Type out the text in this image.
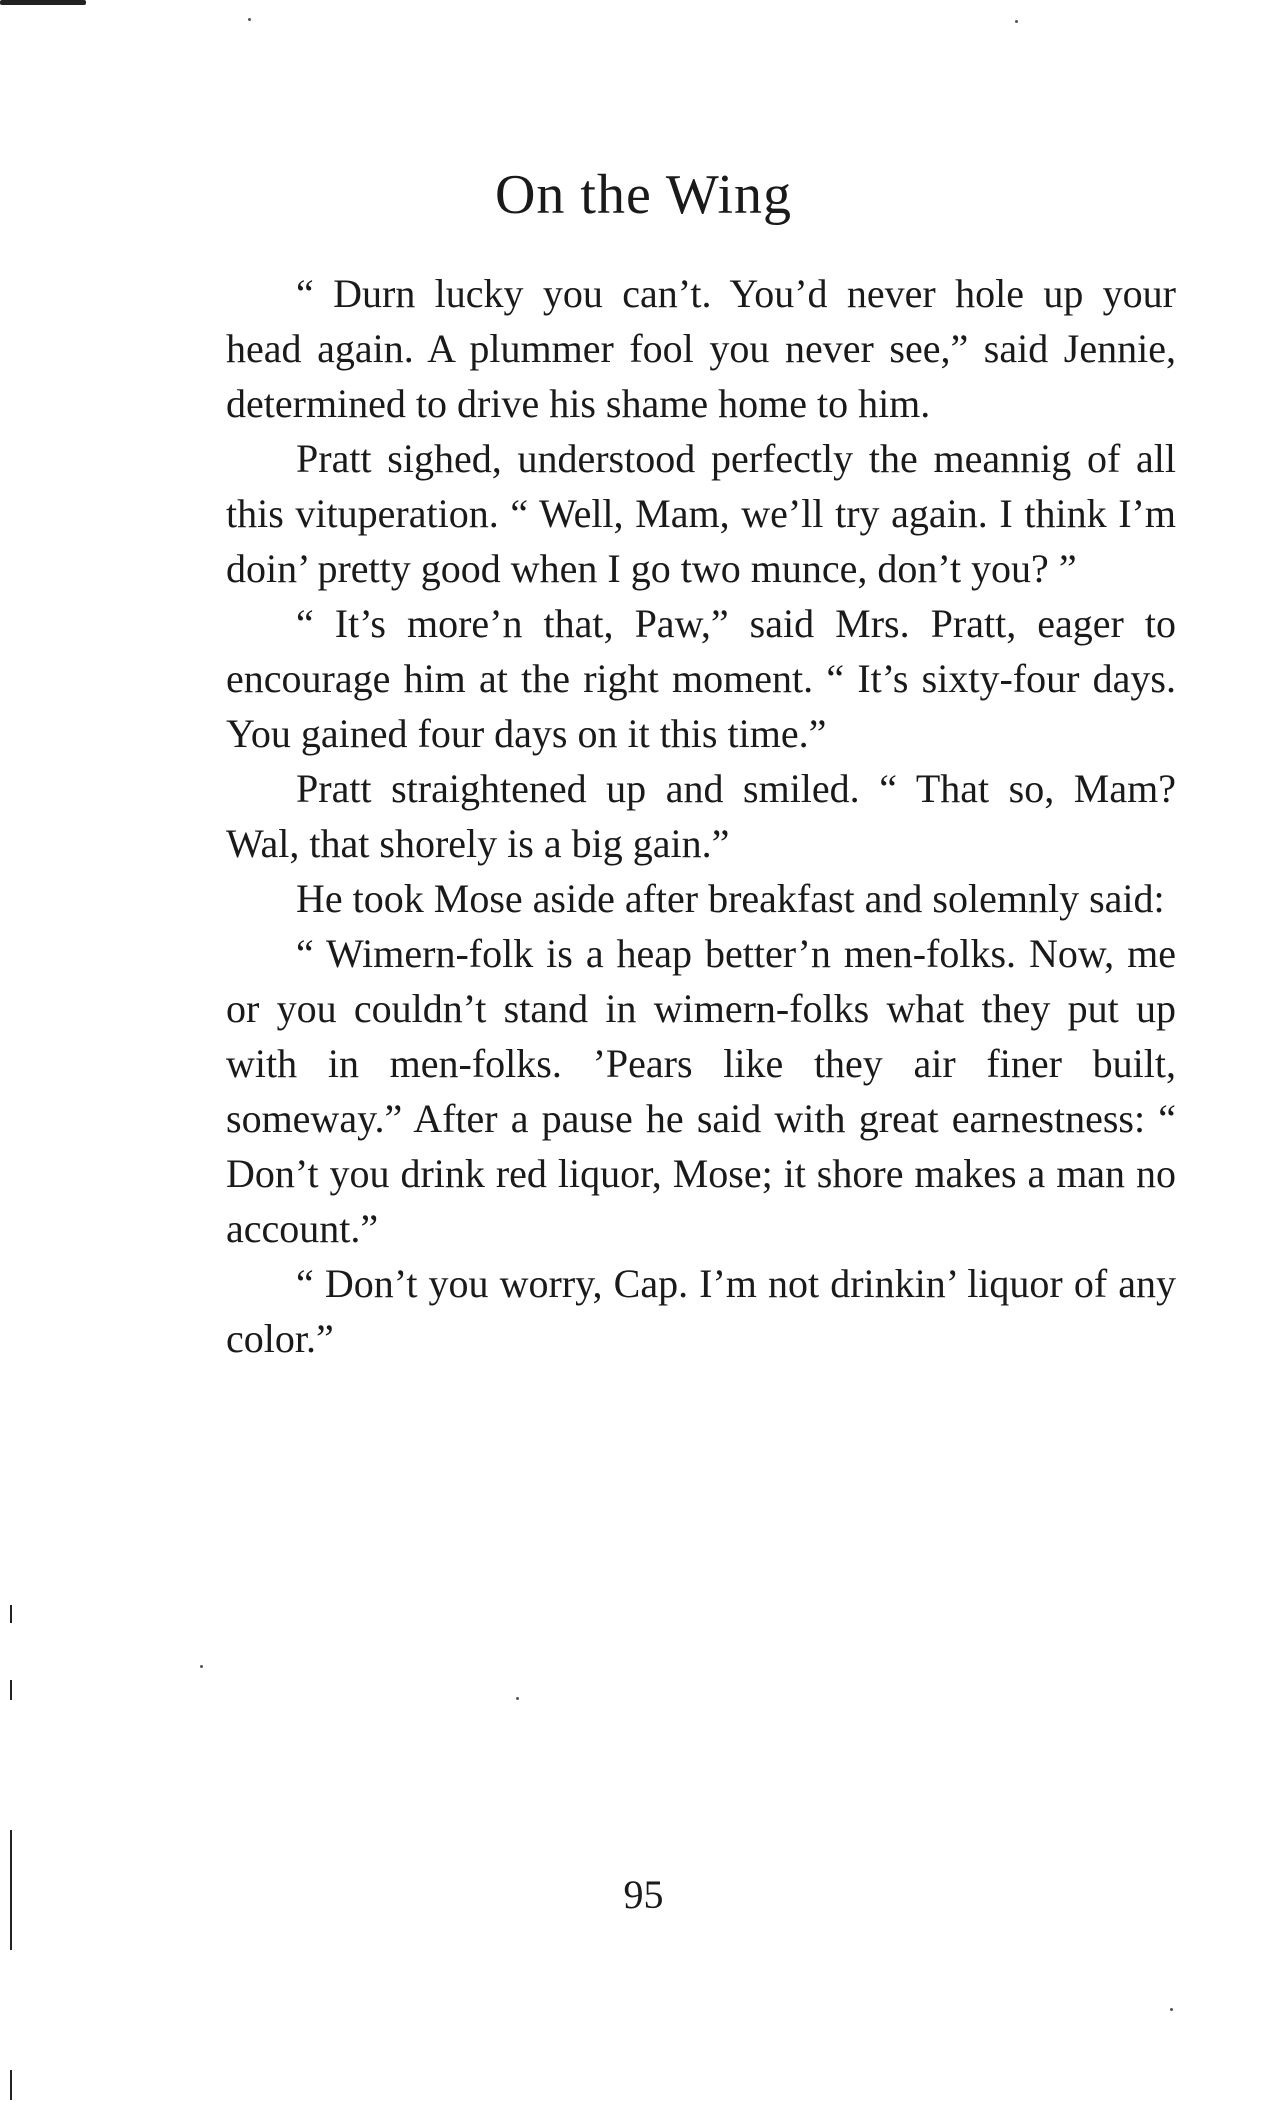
On the Wing

“ Durn lucky you can’t. You’d never hole up your head again. A plummer fool you never see,” said Jennie, determined to drive his shame home to him.

Pratt sighed, understood perfectly the meannig of all this vituperation. “ Well, Mam, we’ll try again. I think I’m doin’ pretty good when I go two munce, don’t you? ”

“ It’s more’n that, Paw,” said Mrs. Pratt, eager to encourage him at the right moment. “ It’s sixty-four days. You gained four days on it this time.”

Pratt straightened up and smiled. “ That so, Mam? Wal, that shorely is a big gain.”

He took Mose aside after breakfast and solemnly said:

“ Wimern-folk is a heap better’n men-folks. Now, me or you couldn’t stand in wimern-folks what they put up with in men-folks. ’Pears like they air finer built, someway.” After a pause he said with great earnestness: “ Don’t you drink red liquor, Mose; it shore makes a man no account.”

“ Don’t you worry, Cap. I’m not drinkin’ liquor of any color.”

95
